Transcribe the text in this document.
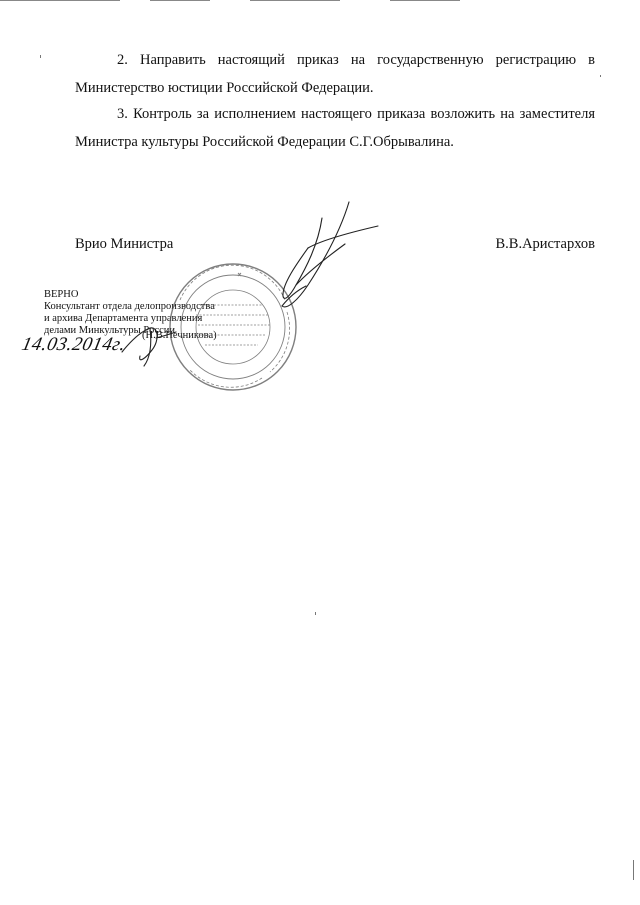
2. Направить настоящий приказ на государственную регистрацию в Министерство юстиции Российской Федерации.

3. Контроль за исполнением настоящего приказа возложить на заместителя Министра культуры Российской Федерации С.Г.Обрывалина.

Врио Министра	В.В.Аристархов
ВЕРНО
Консультант отдела делопроизводства
и архива Департамента управления
делами Минкультуры России
(Н.В.Печникова)
14.03.2014г.
